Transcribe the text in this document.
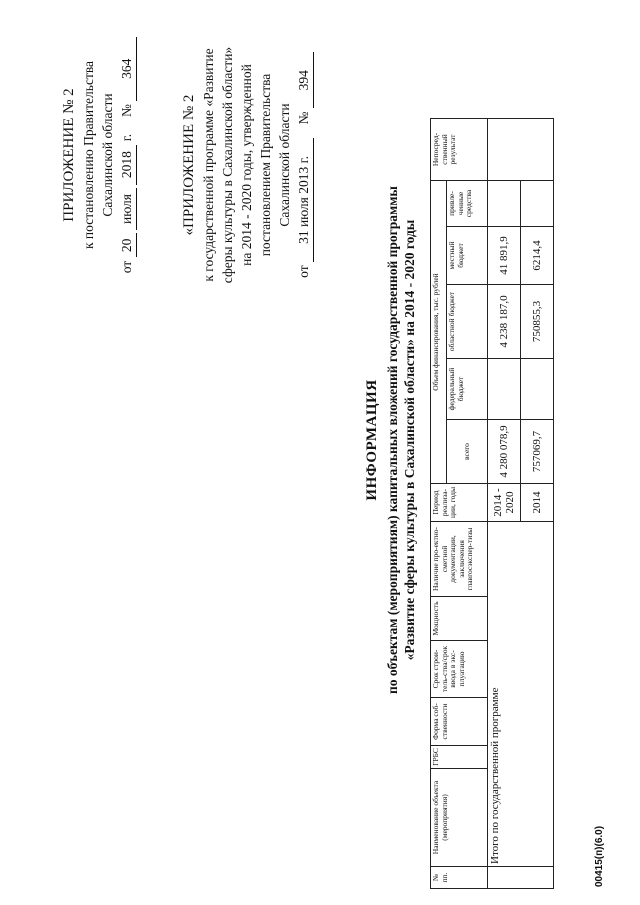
ПРИЛОЖЕНИЕ № 2 к постановлению Правительства Сахалинской области
от 20 июля 2018 г.     № 364
«ПРИЛОЖЕНИЕ № 2 к государственной программе «Развитие сферы культуры в Сахалинской области» на 2014 - 2020 годы, утвержденной постановлением Правительства Сахалинской области
от 31 июля 2013 г.    № 394
ИНФОРМАЦИЯ по объектам (мероприятиям) капитальных вложений государственной программы «Развитие сферы культуры в Сахалинской области» на 2014 - 2020 годы
№ пп.	Наименование объекта (мероприятия)	ГРБС	Форма соб-ственности	Срок строи-тель-ства/срок ввода в экс-плуатацию	Мощность	Наличие про-ектно-сметной документации, заключения главгосэкспер-тизы	Период реализа-ции, годы	Объем финансирования, тыс. рублей					Непосред-ственный результат
								всего	федеральный бюджет	областной бюджет	местный бюджет	привле-ченные средства	
	Итого по государственной программе						2014 - 2020	4 280 078,9		4 238 187,0	41 891,9		
							2014	757069,7		750855,3	6214,4		
00415(п)(6.0)
